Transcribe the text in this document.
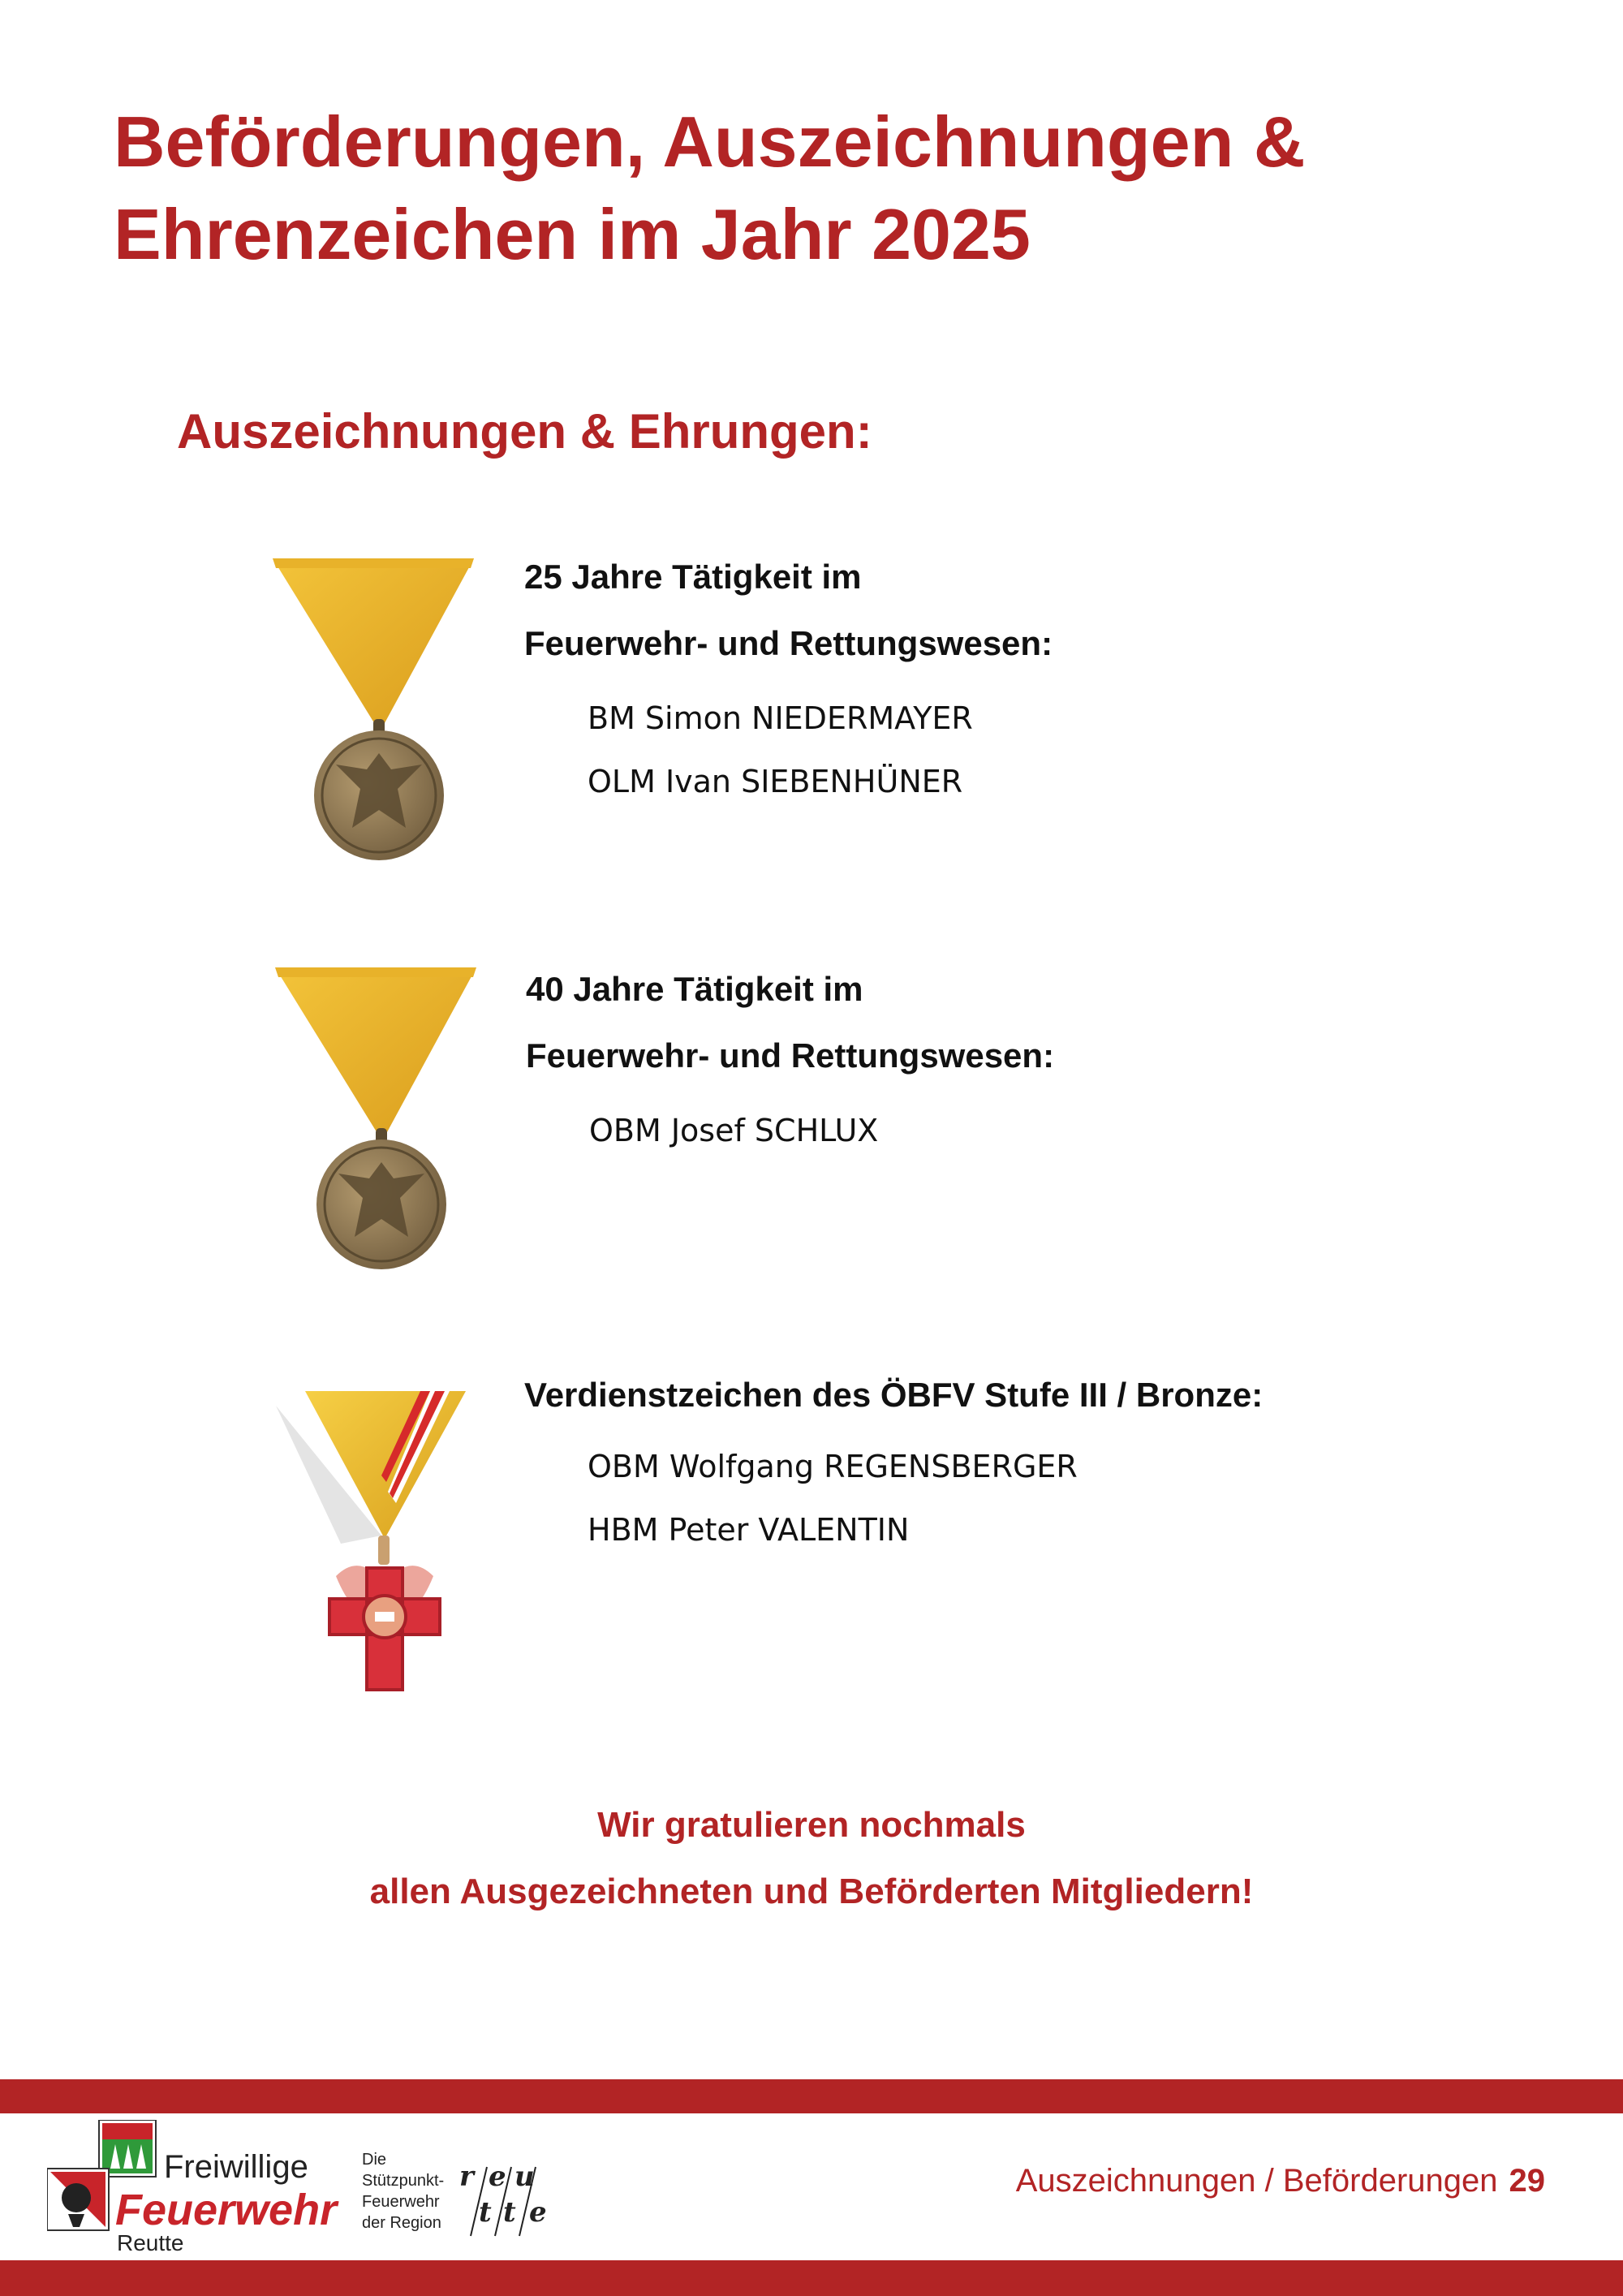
Beförderungen, Auszeichnungen &
Ehrenzeichen im Jahr 2025
Auszeichnungen & Ehrungen:
25 Jahre Tätigkeit im
Feuerwehr- und Rettungswesen:
BM Simon NIEDERMAYER
OLM Ivan SIEBENHÜNER
40 Jahre Tätigkeit im
Feuerwehr- und Rettungswesen:
OBM Josef SCHLUX
Verdienstzeichen des ÖBFV Stufe III / Bronze:
OBM Wolfgang REGENSBERGER
HBM Peter VALENTIN
Wir gratulieren nochmals
allen Ausgezeichneten und Beförderten Mitgliedern!
Freiwillige
Feuerwehr
Reutte
Die
Stützpunkt-
Feuerwehr
der Region
r e u
t t e
Auszeichnungen / Beförderungen 29
